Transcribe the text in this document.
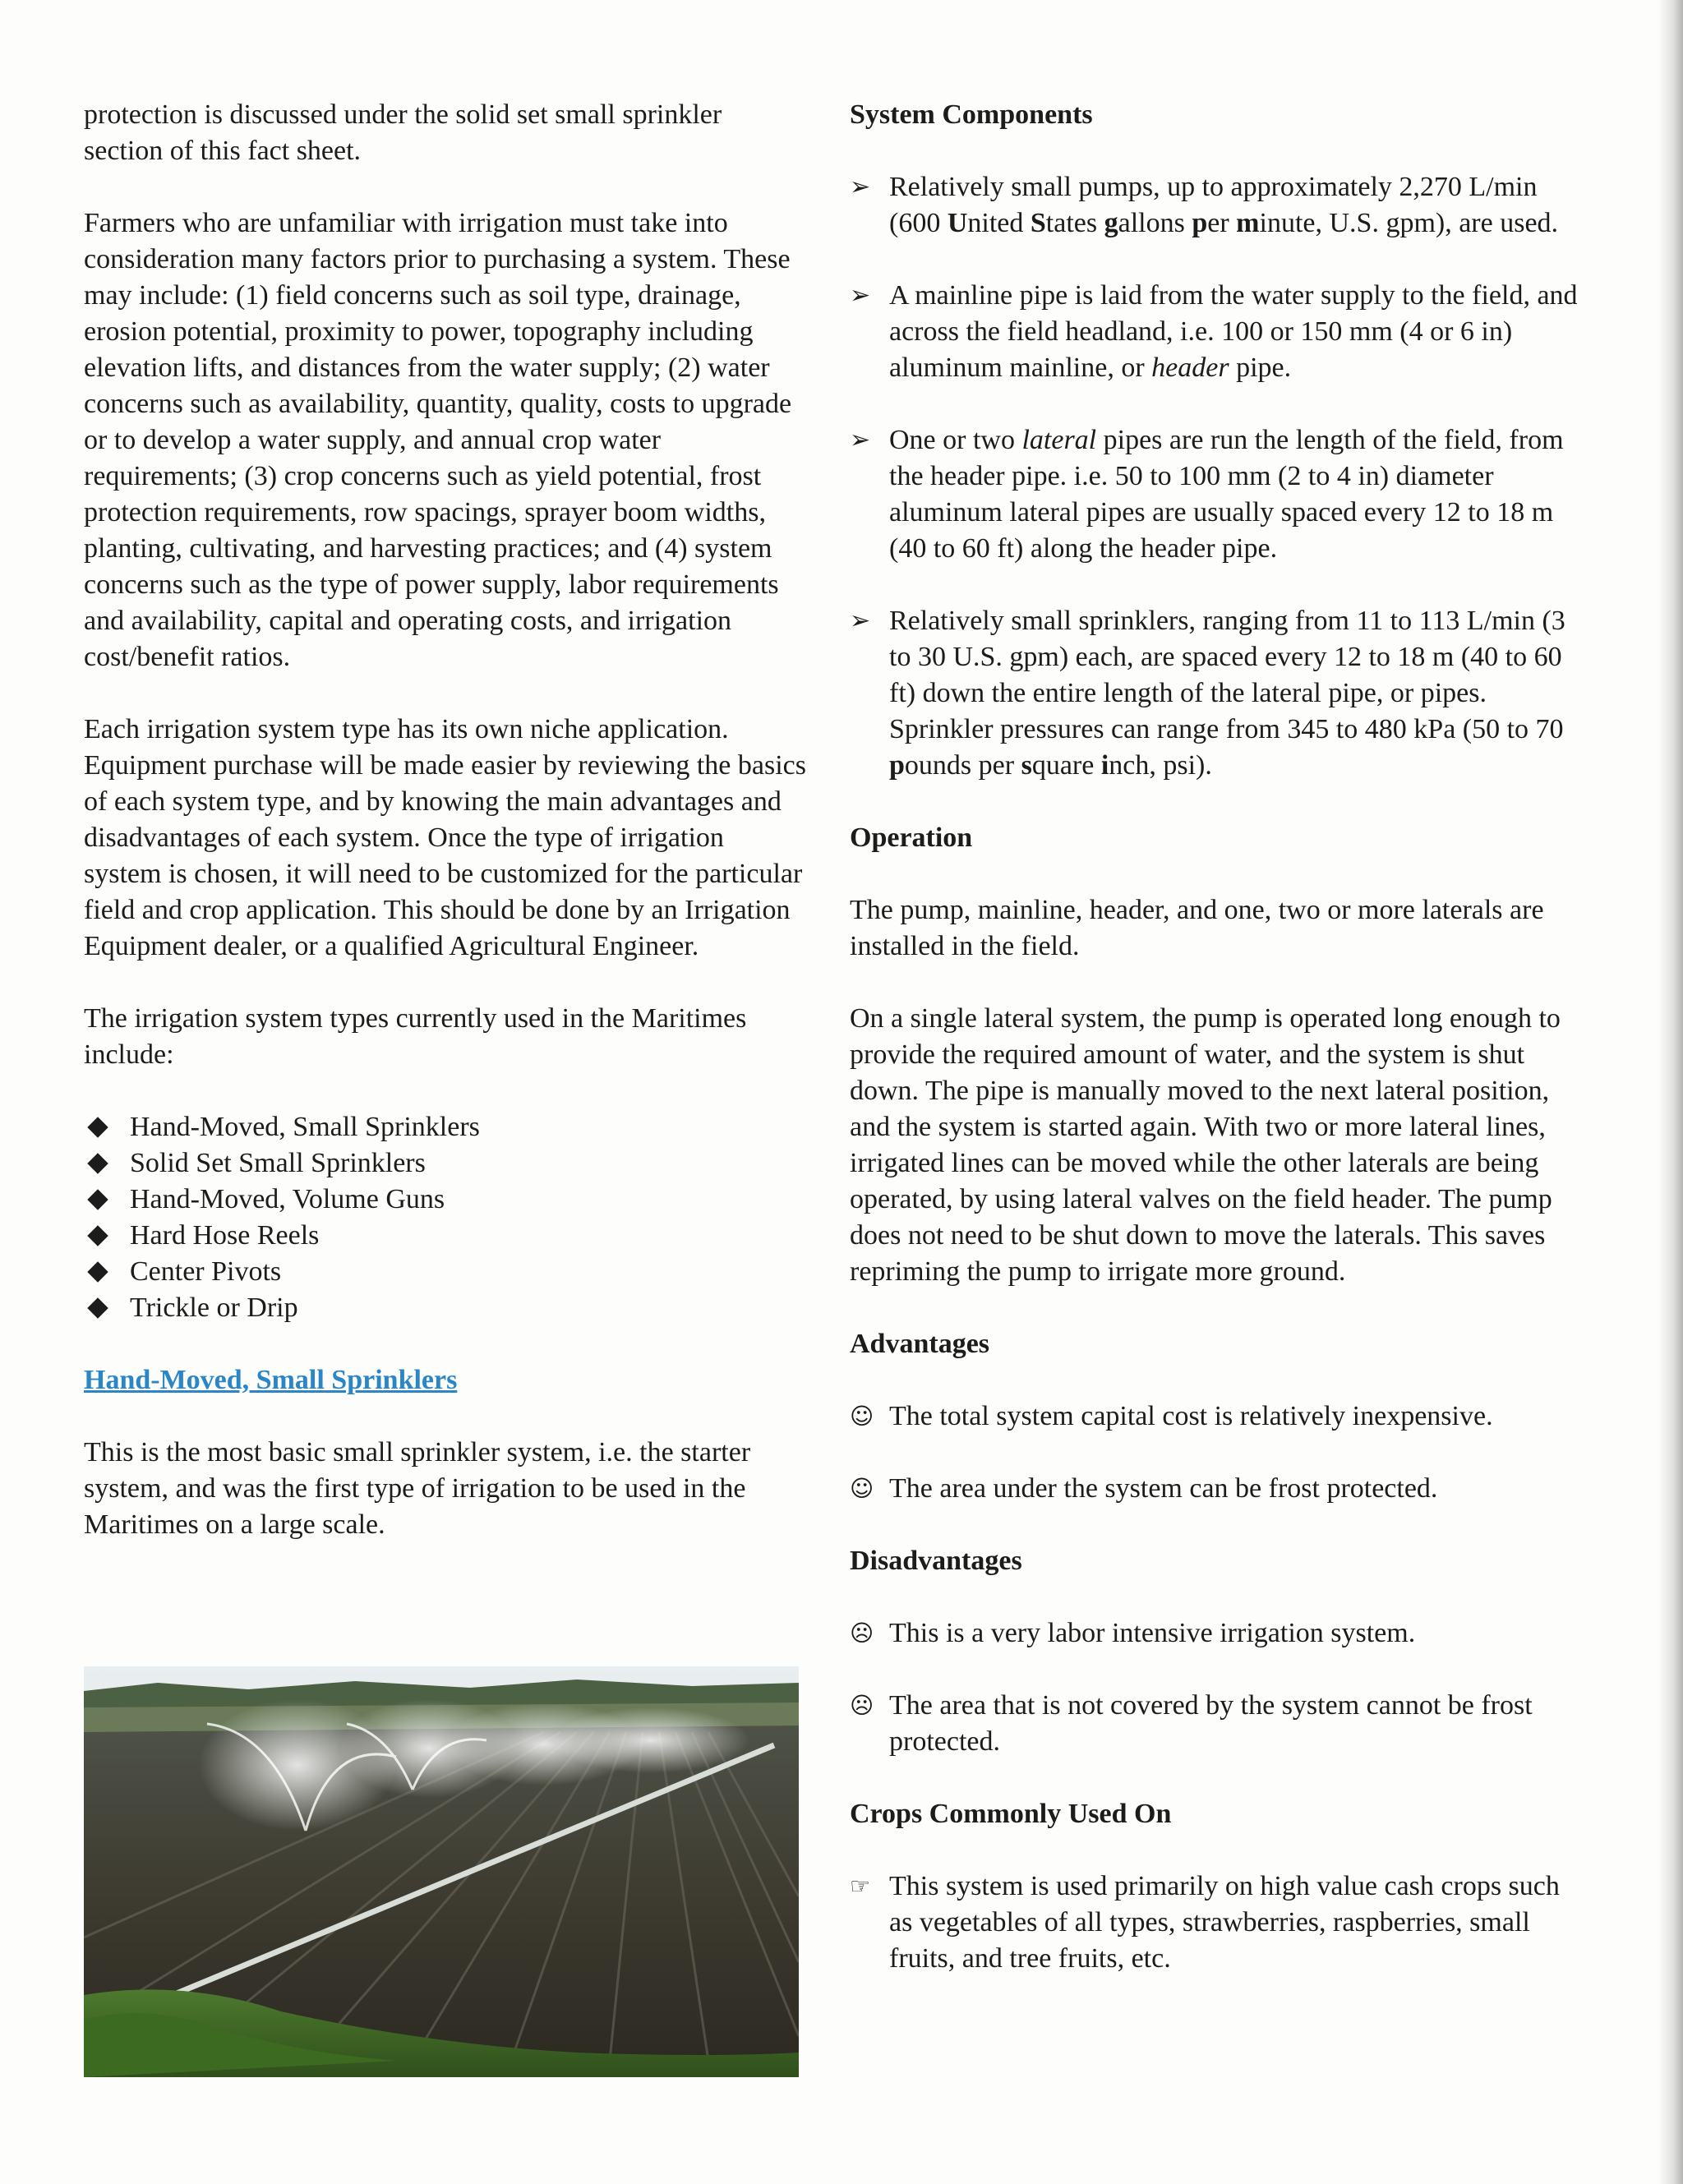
protection is discussed under the solid set small sprinkler section of this fact sheet.

Farmers who are unfamiliar with irrigation must take into consideration many factors prior to purchasing a system. These may include: (1) field concerns such as soil type, drainage, erosion potential, proximity to power, topography including elevation lifts, and distances from the water supply; (2) water concerns such as availability, quantity, quality, costs to upgrade or to develop a water supply, and annual crop water requirements; (3) crop concerns such as yield potential, frost protection requirements, row spacings, sprayer boom widths, planting, cultivating, and harvesting practices; and (4) system concerns such as the type of power supply, labor requirements and availability, capital and operating costs, and irrigation cost/benefit ratios.

Each irrigation system type has its own niche application. Equipment purchase will be made easier by reviewing the basics of each system type, and by knowing the main advantages and disadvantages of each system. Once the type of irrigation system is chosen, it will need to be customized for the particular field and crop application. This should be done by an Irrigation Equipment dealer, or a qualified Agricultural Engineer.

The irrigation system types currently used in the Maritimes include:

Hand-Moved, Small Sprinklers
Solid Set Small Sprinklers
Hand-Moved, Volume Guns
Hard Hose Reels
Center Pivots
Trickle or Drip
Hand-Moved, Small Sprinklers

This is the most basic small sprinkler system, i.e. the starter system, and was the first type of irrigation to be used in the Maritimes on a large scale.

System Components

➢ Relatively small pumps, up to approximately 2,270 L/min (600 United States gallons per minute, U.S. gpm), are used.

➢ A mainline pipe is laid from the water supply to the field, and across the field headland, i.e. 100 or 150 mm (4 or 6 in) aluminum mainline, or header pipe.

➢ One or two lateral pipes are run the length of the field, from the header pipe. i.e. 50 to 100 mm (2 to 4 in) diameter aluminum lateral pipes are usually spaced every 12 to 18 m (40 to 60 ft) along the header pipe.

➢ Relatively small sprinklers, ranging from 11 to 113 L/min (3 to 30 U.S. gpm) each, are spaced every 12 to 18 m (40 to 60 ft) down the entire length of the lateral pipe, or pipes. Sprinkler pressures can range from 345 to 480 kPa (50 to 70 pounds per square inch, psi).

Operation

The pump, mainline, header, and one, two or more laterals are installed in the field.

On a single lateral system, the pump is operated long enough to provide the required amount of water, and the system is shut down. The pipe is manually moved to the next lateral position, and the system is started again. With two or more lateral lines, irrigated lines can be moved while the other laterals are being operated, by using lateral valves on the field header. The pump does not need to be shut down to move the laterals. This saves repriming the pump to irrigate more ground.

Advantages

☺ The total system capital cost is relatively inexpensive.

☺ The area under the system can be frost protected.

Disadvantages

☹ This is a very labor intensive irrigation system.

☹ The area that is not covered by the system cannot be frost protected.

Crops Commonly Used On

☞ This system is used primarily on high value cash crops such as vegetables of all types, strawberries, raspberries, small fruits, and tree fruits, etc.
